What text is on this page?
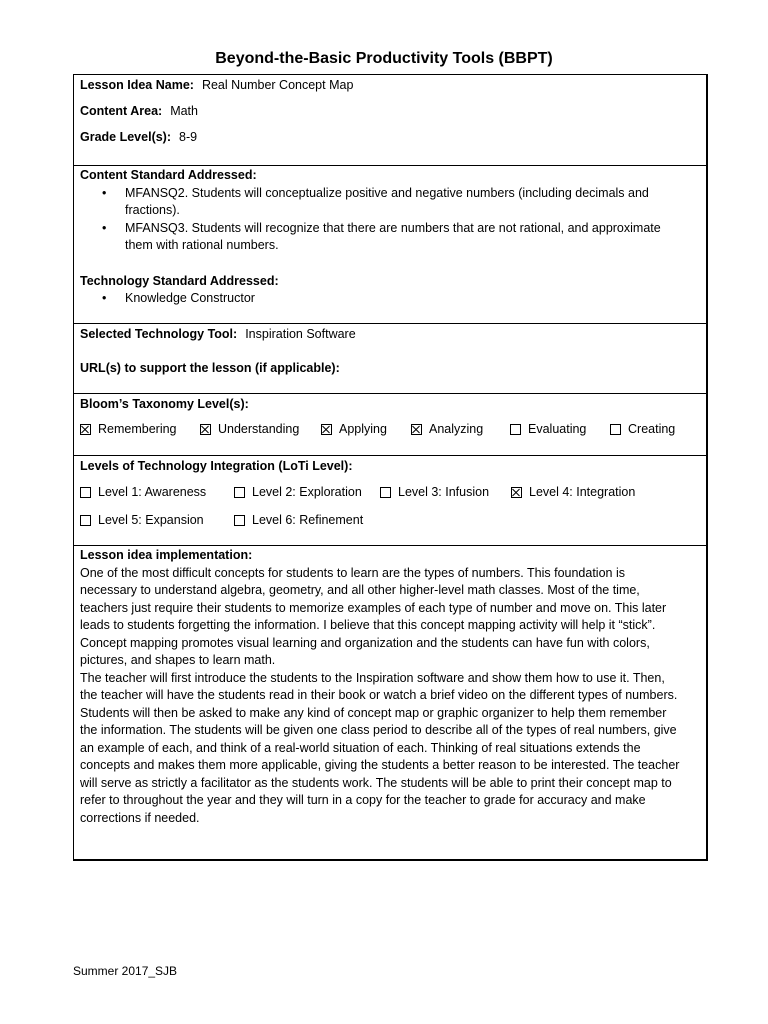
Beyond-the-Basic Productivity Tools (BBPT)
Lesson Idea Name: Real Number Concept Map
Content Area: Math
Grade Level(s): 8-9
Content Standard Addressed:
• MFANSQ2. Students will conceptualize positive and negative numbers (including decimals and
fractions).
• MFANSQ3. Students will recognize that there are numbers that are not rational, and approximate
them with rational numbers.
Technology Standard Addressed:
• Knowledge Constructor
Selected Technology Tool: Inspiration Software
URL(s) to support the lesson (if applicable):
Bloom’s Taxonomy Level(s):
Remembering	Understanding	Applying	Analyzing	Evaluating	Creating
Levels of Technology Integration (LoTi Level):
Level 1: Awareness	Level 2: Exploration	Level 3: Infusion	Level 4: Integration
Level 5: Expansion	Level 6: Refinement
Lesson idea implementation:
One of the most difficult concepts for students to learn are the types of numbers. This foundation is
necessary to understand algebra, geometry, and all other higher-level math classes. Most of the time,
teachers just require their students to memorize examples of each type of number and move on. This later
leads to students forgetting the information. I believe that this concept mapping activity will help it “stick”.
Concept mapping promotes visual learning and organization and the students can have fun with colors,
pictures, and shapes to learn math.
The teacher will first introduce the students to the Inspiration software and show them how to use it. Then,
the teacher will have the students read in their book or watch a brief video on the different types of numbers.
Students will then be asked to make any kind of concept map or graphic organizer to help them remember
the information. The students will be given one class period to describe all of the types of real numbers, give
an example of each, and think of a real-world situation of each. Thinking of real situations extends the
concepts and makes them more applicable, giving the students a better reason to be interested. The teacher
will serve as strictly a facilitator as the students work. The students will be able to print their concept map to
refer to throughout the year and they will turn in a copy for the teacher to grade for accuracy and make
corrections if needed.
Summer 2017_SJB
